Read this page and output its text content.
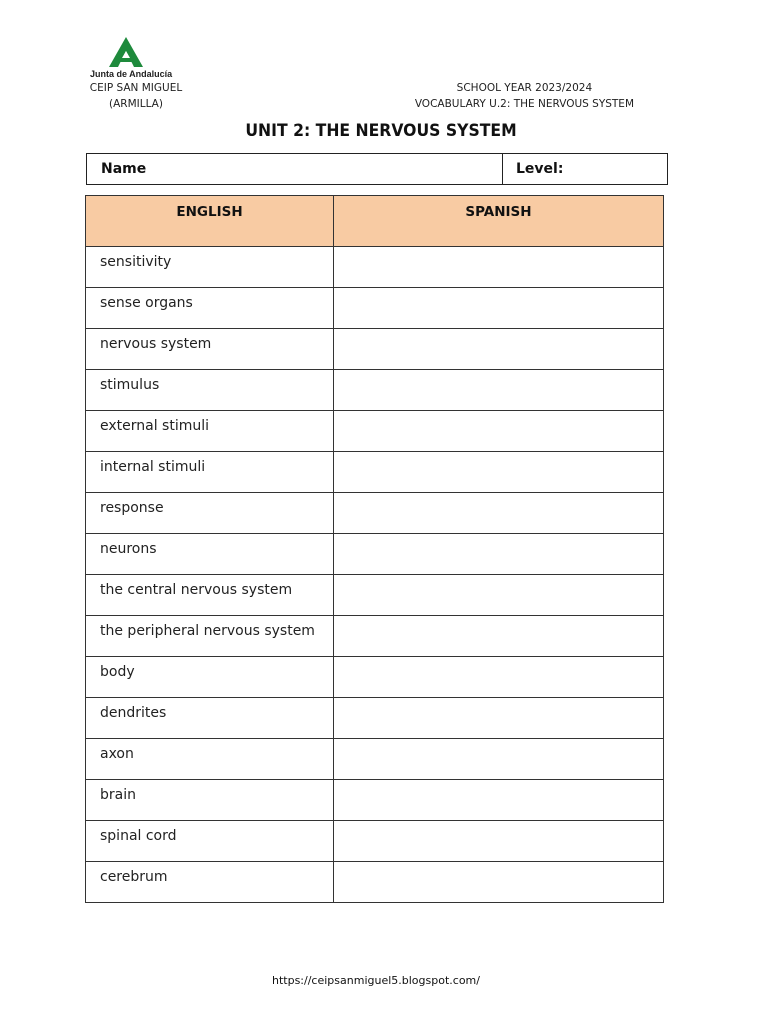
Junta de Andalucía
CEIP SAN MIGUEL
(ARMILLA)
SCHOOL YEAR 2023/2024
VOCABULARY U.2: THE NERVOUS SYSTEM
UNIT 2: THE NERVOUS SYSTEM
Name	Level:
ENGLISH	SPANISH
sensitivity	
sense organs	
nervous system	
stimulus	
external stimuli	
internal stimuli	
response	
neurons	
the central nervous system	
the peripheral nervous system	
body	
dendrites	
axon	
brain	
spinal cord	
cerebrum	
https://ceipsanmiguel5.blogspot.com/
